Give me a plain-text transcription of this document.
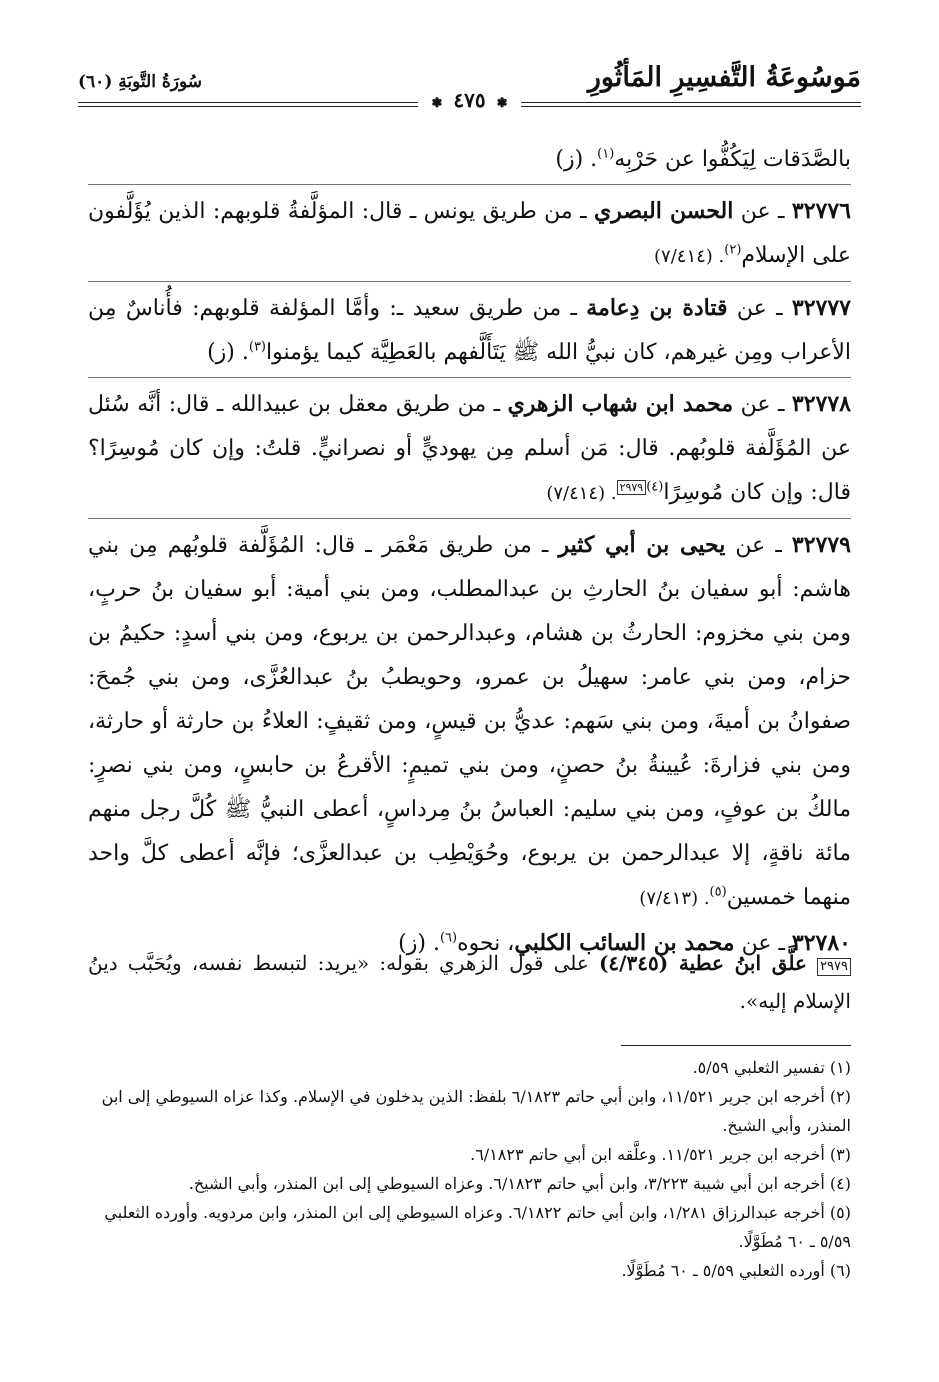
مَوسُوعَةُ التَّفسِيرِ المَأثُورِ
سُورَةُ التَّوبَةِ (٦٠)
❃ ٤٧٥ ❃

بالصَّدَقات لِيَكُفُّوا عن حَرْبِه$^{(١)}$. (ز)

٣٢٧٧٦ ـ عن الحسن البصري ـ من طريق يونس ـ قال: المؤلَّفةُ قلوبهم: الذين يُؤَلَّفون على الإسلام$^{(٢)}$. (٧/٤١٤)

٣٢٧٧٧ ـ عن قتادة بن دِعامة ـ من طريق سعيد ـ: وأمَّا المؤلفة قلوبهم: فأُناسٌ مِن الأعراب ومِن غيرهم، كان نبيُّ الله ﷺ يَتَأَلَّفهم بالعَطِيَّة كيما يؤمنوا$^{(٣)}$. (ز)

٣٢٧٧٨ ـ عن محمد ابن شهاب الزهري ـ من طريق معقل بن عبيدالله ـ قال: أنَّه سُئل عن المُؤَلَّفة قلوبُهم. قال: مَن أسلم مِن يهوديٍّ أو نصرانيٍّ. قلتُ: وإن كان مُوسِرًا؟ قال: وإن كان مُوسِرًا$^{(٤)}$٢٩٧٩. (٧/٤١٤)

٣٢٧٧٩ ـ عن يحيى بن أبي كثير ـ من طريق مَعْمَر ـ قال: المُؤَلَّفة قلوبُهم مِن بني هاشم: أبو سفيان بنُ الحارثِ بن عبدالمطلب، ومن بني أمية: أبو سفيان بنُ حربٍ، ومن بني مخزوم: الحارثُ بن هشام، وعبدالرحمن بن يربوع، ومن بني أسدٍ: حكيمُ بن حزام، ومن بني عامر: سهيلُ بن عمرو، وحويطبُ بنُ عبدالعُزَّى، ومن بني جُمحَ: صفوانُ بن أميةَ، ومن بني سَهم: عديُّ بن قيسٍ، ومن ثقيفٍ: العلاءُ بن حارثة أو حارثة، ومن بني فزارةَ: عُيينةُ بنُ حصنٍ، ومن بني تميمٍ: الأقرعُ بن حابسٍ، ومن بني نصرٍ: مالكُ بن عوفٍ، ومن بني سليم: العباسُ بنُ مِرداسٍ، أعطى النبيُّ ﷺ كُلَّ رجل منهم مائة ناقةٍ، إلا عبدالرحمن بن يربوع، وحُوَيْطِب بن عبدالعزَّى؛ فإنَّه أعطى كلَّ واحد منهما خمسين$^{(٥)}$. (٧/٤١٣)

٣٢٧٨٠ ـ عن محمد بن السائب الكلبي، نحوه$^{(٦)}$. (ز)

٢٩٧٩ علَّق ابنُ عطية (٤/٣٤٥) على قول الزهري بقوله: «يريد: لتبسط نفسه، ويُحَبَّب دينُ الإسلام إليه».

(١) تفسير الثعلبي ٥/٥٩.

(٢) أخرجه ابن جرير ١١/٥٢١، وابن أبي حاتم ٦/١٨٢٣ بلفظ: الذين يدخلون في الإسلام. وكذا عزاه السيوطي إلى ابن المنذر، وأبي الشيخ.

(٣) أخرجه ابن جرير ١١/٥٢١. وعلَّقه ابن أبي حاتم ٦/١٨٢٣.

(٤) أخرجه ابن أبي شيبة ٣/٢٢٣، وابن أبي حاتم ٦/١٨٢٣. وعزاه السيوطي إلى ابن المنذر، وأبي الشيخ.

(٥) أخرجه عبدالرزاق ١/٢٨١، وابن أبي حاتم ٦/١٨٢٢. وعزاه السيوطي إلى ابن المنذر، وابن مردويه. وأورده الثعلبي ٥/٥٩ ـ ٦٠ مُطَوَّلًا.

(٦) أورده الثعلبي ٥/٥٩ ـ ٦٠ مُطَوَّلًا.
